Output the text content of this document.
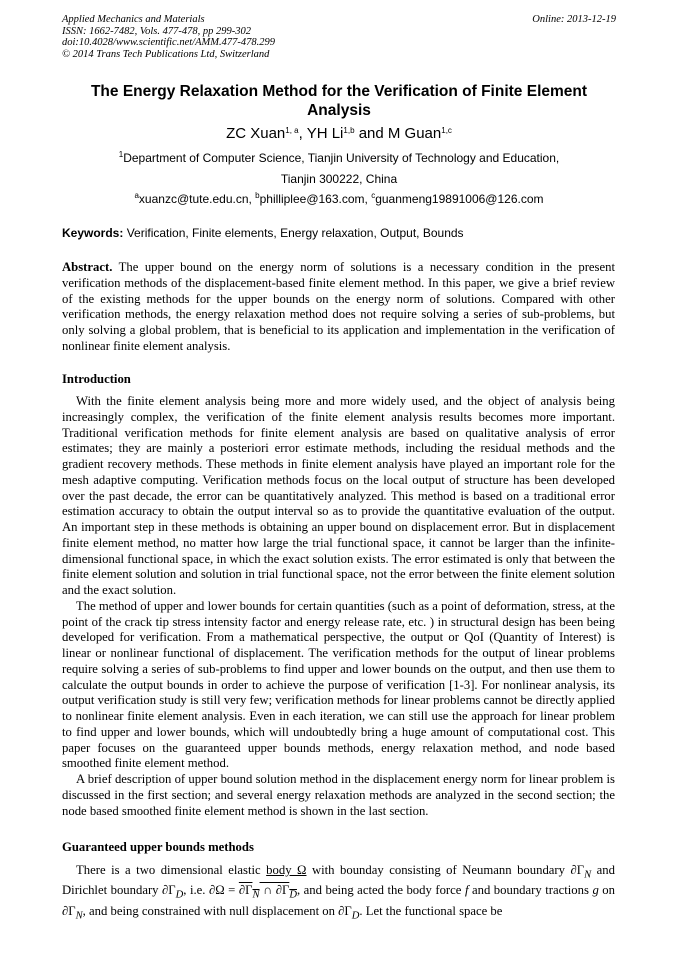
Applied Mechanics and Materials
ISSN: 1662-7482, Vols. 477-478, pp 299-302
doi:10.4028/www.scientific.net/AMM.477-478.299
© 2014 Trans Tech Publications Ltd, Switzerland
Online: 2013-12-19
The Energy Relaxation Method for the Verification of Finite Element Analysis
ZC Xuan$^{1, a}$, YH Li$^{1,b}$ and M Guan$^{1,c}$
$^1$Department of Computer Science, Tianjin University of Technology and Education,
Tianjin 300222, China
$^a$xuanzc@tute.edu.cn, $^b$philliplee@163.com, $^c$guanmeng19891006@126.com
Keywords: Verification, Finite elements, Energy relaxation, Output, Bounds
Abstract. The upper bound on the energy norm of solutions is a necessary condition in the present verification methods of the displacement-based finite element method. In this paper, we give a brief review of the existing methods for the upper bounds on the energy norm of solutions. Compared with other verification methods, the energy relaxation method does not require solving a series of sub-problems, but only solving a global problem, that is beneficial to its application and implementation in the verification of nonlinear finite element analysis.
Introduction

With the finite element analysis being more and more widely used, and the object of analysis being increasingly complex, the verification of the finite element analysis results becomes more important. Traditional verification methods for finite element analysis are based on qualitative analysis of error estimates; they are mainly a posteriori error estimate methods, including the residual methods and the gradient recovery methods. These methods in finite element analysis have played an important role for the mesh adaptive computing. Verification methods focus on the local output of structure has been developed over the past decade, the error can be quantitatively analyzed. This method is based on a traditional error estimation accuracy to obtain the output interval so as to provide the quantitative evaluation of the output. An important step in these methods is obtaining an upper bound on displacement error. But in displacement finite element method, no matter how large the trial functional space, it cannot be larger than the infinite-dimensional functional space, in which the exact solution exists. The error estimated is only that between the finite element solution and solution in trial functional space, not the error between the finite element solution and the exact solution.

The method of upper and lower bounds for certain quantities (such as a point of deformation, stress, at the point of the crack tip stress intensity factor and energy release rate, etc. ) in structural design has been being developed for verification. From a mathematical perspective, the output or QoI (Quantity of Interest) is linear or nonlinear functional of displacement. The verification methods for the output of linear problems require solving a series of sub-problems to find upper and lower bounds on the output, and then use them to calculate the output bounds in order to achieve the purpose of verification [1-3]. For nonlinear analysis, its output verification study is still very few; verification methods for linear problems cannot be directly applied to nonlinear finite element analysis. Even in each iteration, we can still use the approach for linear problem to find upper and lower bounds, which will undoubtedly bring a huge amount of computational cost. This paper focuses on the guaranteed upper bounds methods, energy relaxation method, and node based smoothed finite element method.

A brief description of upper bound solution method in the displacement energy norm for linear problem is discussed in the first section; and several energy relaxation methods are analyzed in the second section; the node based smoothed finite element method is shown in the last section.

Guaranteed upper bounds methods

There is a two dimensional elastic body Ω with bounday consisting of Neumann boundary $\partial\Gamma_N$ and Dirichlet boundary $\partial\Gamma_D$, i.e. $\partial\Omega = \partial\Gamma_N$ ∩ $\partial\Gamma_D$, and being acted the body force f and boundary tractions g on $\partial\Gamma_N$, and being constrained with null displacement on $\partial\Gamma_D$. Let the functional space be
